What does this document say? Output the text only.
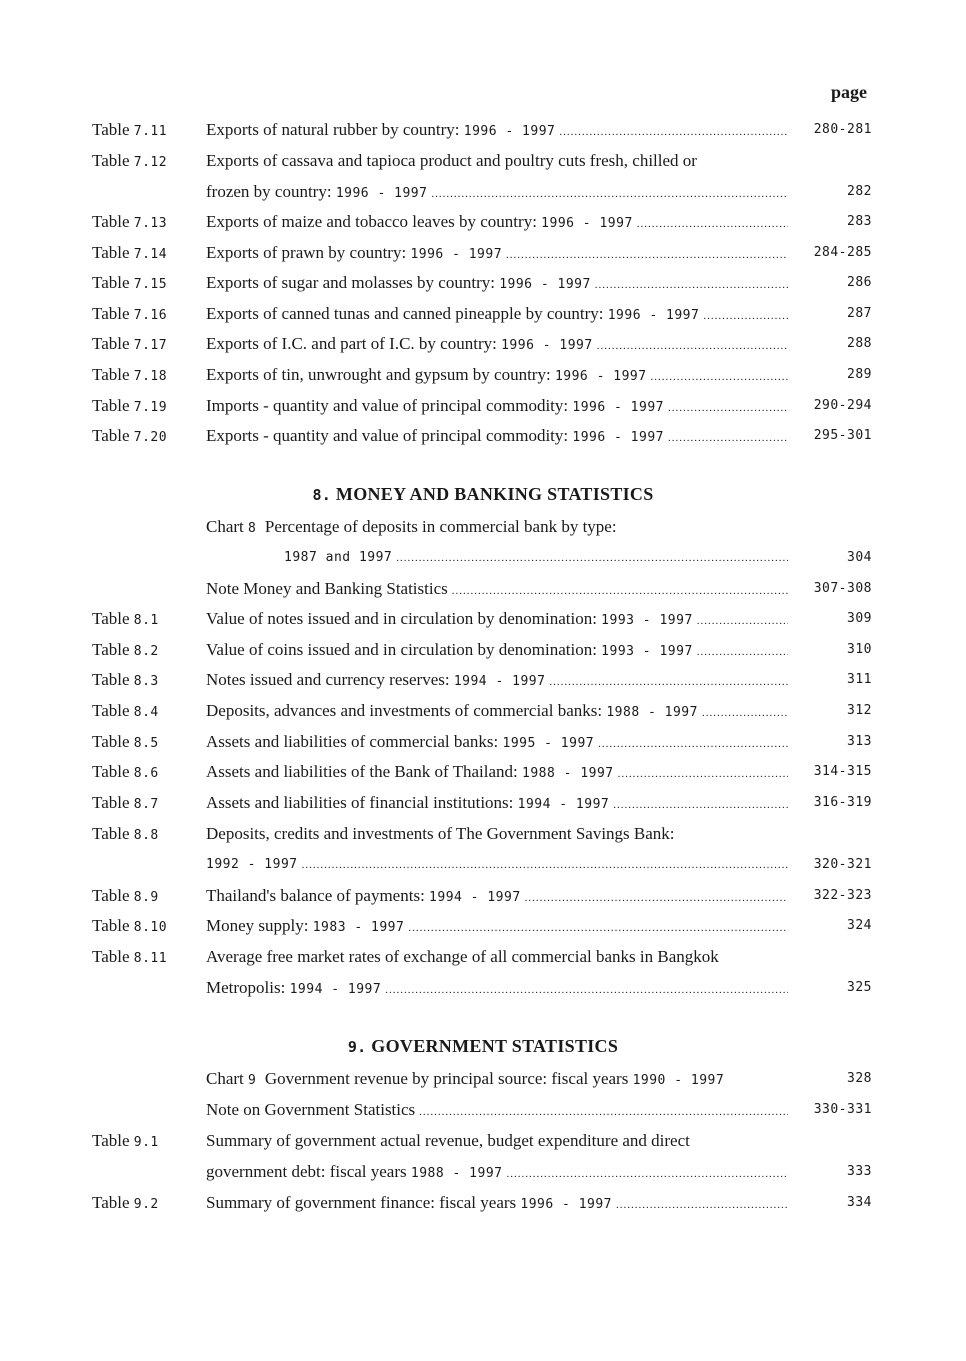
page
Table 7.11 Exports of natural rubber by country: 1996 - 1997 .....	280-281
Table 7.12 Exports of cassava and tapioca product and poultry cuts fresh, chilled or
frozen by country: 1996 - 1997 .....	282
Table 7.13 Exports of maize and tobacco leaves by country: 1996 - 1997 .....	283
Table 7.14 Exports of prawn by country: 1996 - 1997 .....	284-285
Table 7.15 Exports of sugar and molasses by country: 1996 - 1997 .....	286
Table 7.16 Exports of canned tunas and canned pineapple by country: 1996 - 1997 .....	287
Table 7.17 Exports of I.C. and part of I.C. by country: 1996 - 1997 .....	288
Table 7.18 Exports of tin, unwrought and gypsum by country: 1996 - 1997 .....	289
Table 7.19 Imports - quantity and value of principal commodity: 1996 - 1997 .....	290-294
Table 7.20 Exports - quantity and value of principal commodity: 1996 - 1997 .....	295-301
8. MONEY AND BANKING STATISTICS
Chart 8 Percentage of deposits in commercial bank by type:
1987 and 1997 .....	304
Note Money and Banking Statistics .....	307-308
Table 8.1	Value of notes issued and in circulation by denomination: 1993 - 1997 .....	309
Table 8.2	Value of coins issued and in circulation by denomination: 1993 - 1997 .....	310
Table 8.3	Notes issued and currency reserves: 1994 - 1997 .....	311
Table 8.4	Deposits, advances and investments of commercial banks: 1988 - 1997 .....	312
Table 8.5	Assets and liabilities of commercial banks: 1995 - 1997 .....	313
Table 8.6	Assets and liabilities of the Bank of Thailand: 1988 - 1997 .....	314-315
Table 8.7	Assets and liabilities of financial institutions: 1994 - 1997 .....	316-319
Table 8.8	Deposits, credits and investments of The Government Savings Bank:
1992 - 1997 .....	320-321
Table 8.9	Thailand's balance of payments: 1994 - 1997 .....	322-323
Table 8.10 Money supply: 1983 - 1997 .....	324
Table 8.11 Average free market rates of exchange of all commercial banks in Bangkok
Metropolis: 1994 - 1997 .....	325
9. GOVERNMENT STATISTICS
Chart 9 Government revenue by principal source: fiscal years 1990 - 1997	328
Note on Government Statistics .....	330-331
Table 9.1	Summary of government actual revenue, budget expenditure and direct
government debt: fiscal years 1988 - 1997 .....	333
Table 9.2	Summary of government finance: fiscal years 1996 - 1997 .....	334
